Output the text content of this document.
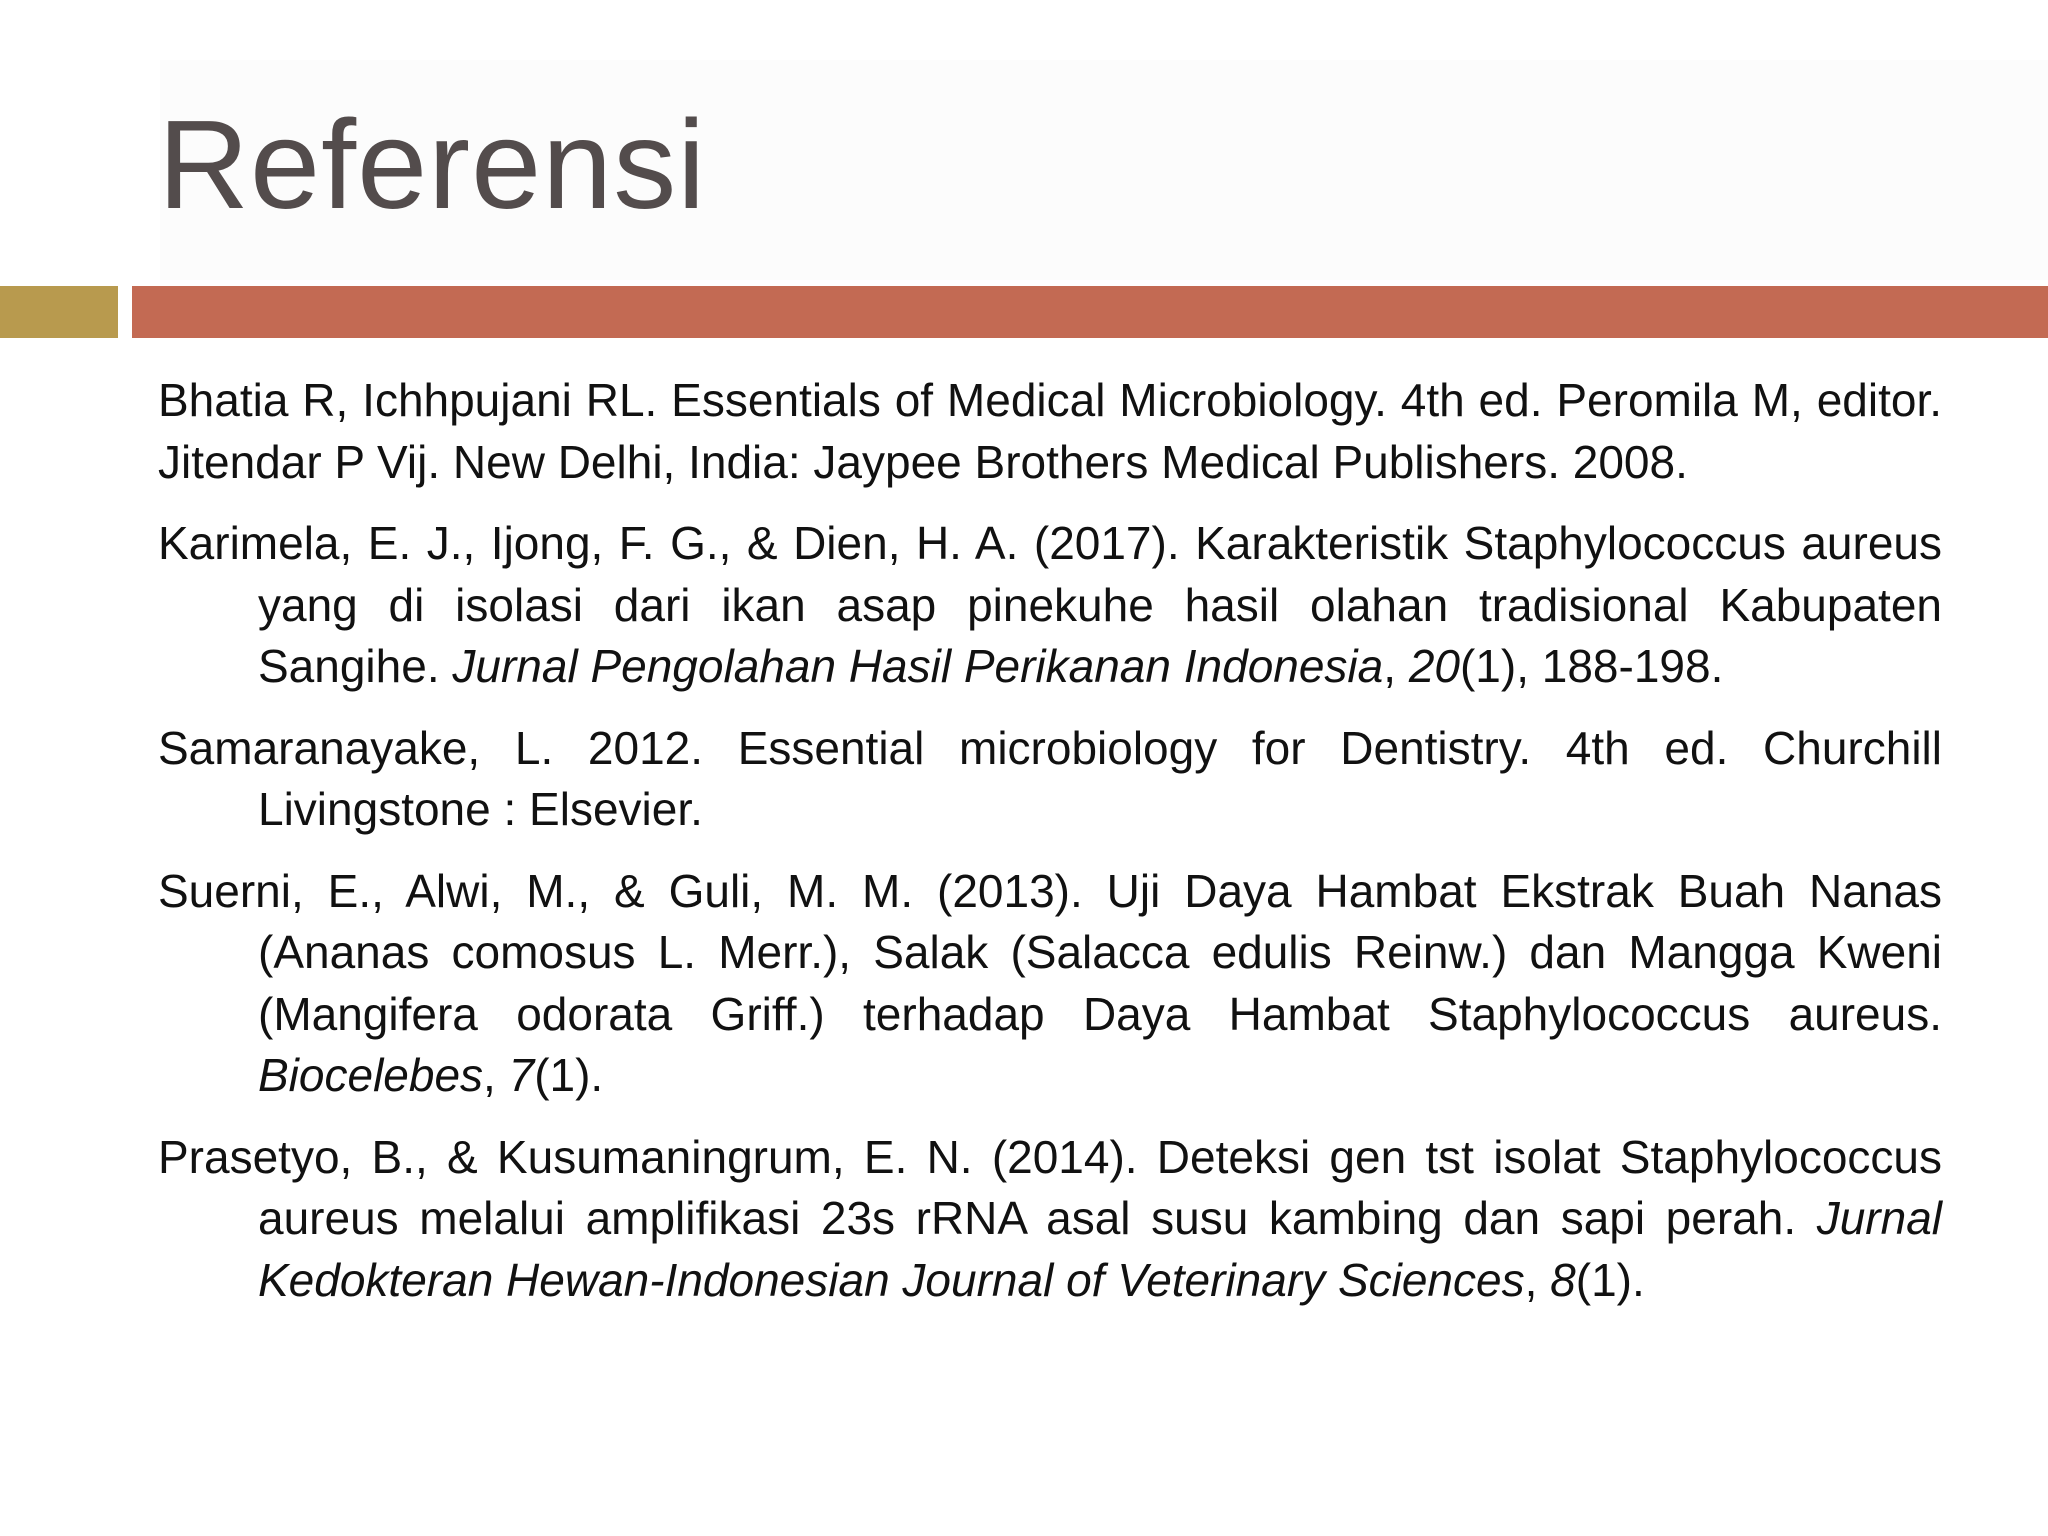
Referensi

Bhatia R, Ichhpujani RL. Essentials of Medical Microbiology. 4th ed. Peromila M, editor. Jitendar P Vij. New Delhi, India: Jaypee Brothers Medical Publishers. 2008.

Karimela, E. J., Ijong, F. G., & Dien, H. A. (2017). Karakteristik Staphylococcus aureus yang di isolasi dari ikan asap pinekuhe hasil olahan tradisional Kabupaten Sangihe. Jurnal Pengolahan Hasil Perikanan Indonesia, 20(1), 188-198.

Samaranayake, L. 2012. Essential microbiology for Dentistry. 4th ed. Churchill Livingstone : Elsevier.

Suerni, E., Alwi, M., & Guli, M. M. (2013). Uji Daya Hambat Ekstrak Buah Nanas (Ananas comosus L. Merr.), Salak (Salacca edulis Reinw.) dan Mangga Kweni (Mangifera odorata Griff.) terhadap Daya Hambat Staphylococcus aureus. Biocelebes, 7(1).

Prasetyo, B., & Kusumaningrum, E. N. (2014). Deteksi gen tst isolat Staphylococcus aureus melalui amplifikasi 23s rRNA asal susu kambing dan sapi perah. Jurnal Kedokteran Hewan-Indonesian Journal of Veterinary Sciences, 8(1).
